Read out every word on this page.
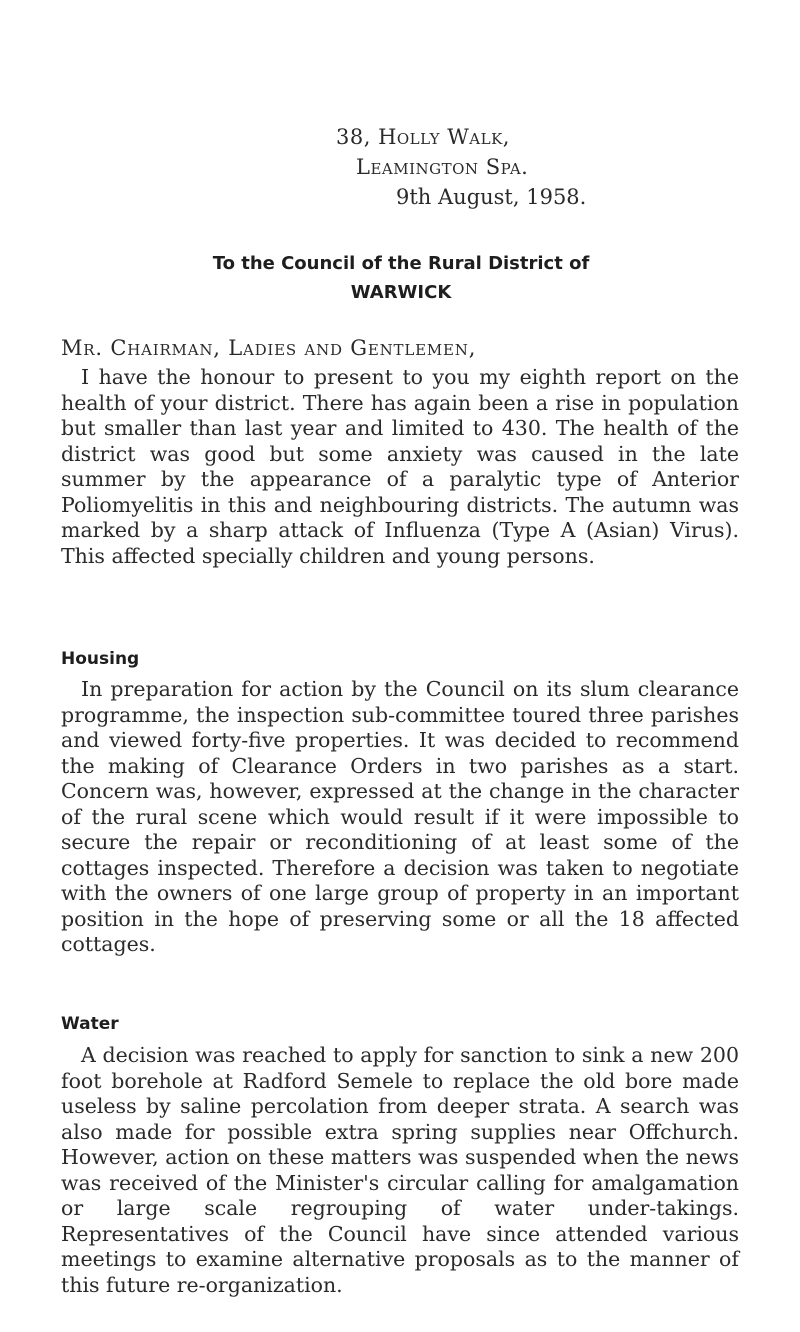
38, Holly Walk,
Leamington Spa.
9th August, 1958.
To the Council of the Rural District of
WARWICK
Mr. Chairman, Ladies and Gentlemen,

I have the honour to present to you my eighth report on the health of your district. There has again been a rise in population but smaller than last year and limited to 430. The health of the district was good but some anxiety was caused in the late summer by the appearance of a paralytic type of Anterior Poliomyelitis in this and neighbouring districts. The autumn was marked by a sharp attack of Influenza (Type A (Asian) Virus). This affected specially children and young persons.

Housing

In preparation for action by the Council on its slum clearance programme, the inspection sub-committee toured three parishes and viewed forty-five properties. It was decided to recommend the making of Clearance Orders in two parishes as a start. Concern was, however, expressed at the change in the character of the rural scene which would result if it were impossible to secure the repair or reconditioning of at least some of the cottages inspected. Therefore a decision was taken to negotiate with the owners of one large group of property in an important position in the hope of preserving some or all the 18 affected cottages.

Water

A decision was reached to apply for sanction to sink a new 200 foot borehole at Radford Semele to replace the old bore made useless by saline percolation from deeper strata. A search was also made for possible extra spring supplies near Offchurch. However, action on these matters was suspended when the news was received of the Minister's circular calling for amalgamation or large scale regrouping of water under-takings. Representatives of the Council have since attended various meetings to examine alternative proposals as to the manner of this future re-organization.
